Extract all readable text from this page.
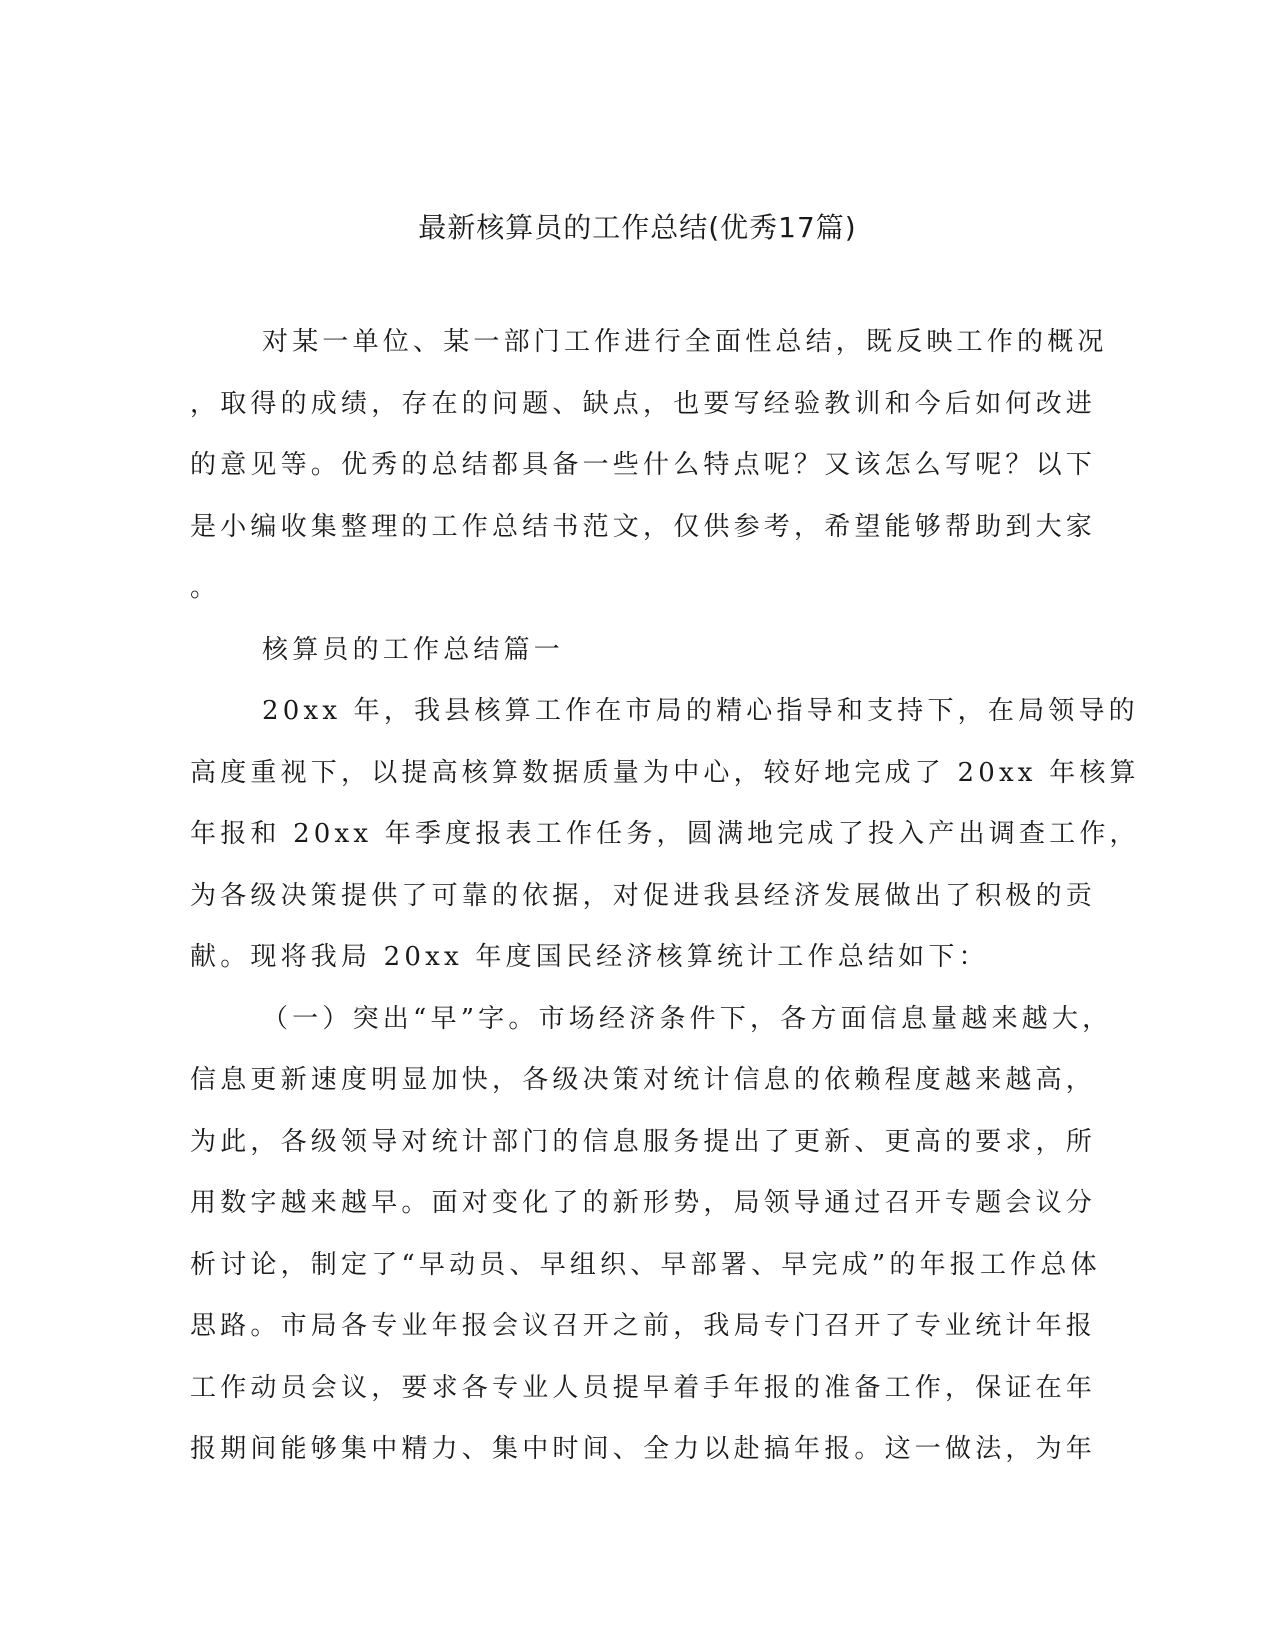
最新核算员的工作总结(优秀17篇)
对某一单位、某一部门工作进行全面性总结，既反映工作的概况
，取得的成绩，存在的问题、缺点，也要写经验教训和今后如何改进
的意见等。优秀的总结都具备一些什么特点呢？又该怎么写呢？以下
是小编收集整理的工作总结书范文，仅供参考，希望能够帮助到大家
。
核算员的工作总结篇一
20xx 年，我县核算工作在市局的精心指导和支持下，在局领导的
高度重视下，以提高核算数据质量为中心，较好地完成了 20xx 年核算
年报和 20xx 年季度报表工作任务，圆满地完成了投入产出调查工作，
为各级决策提供了可靠的依据，对促进我县经济发展做出了积极的贡
献。现将我局 20xx 年度国民经济核算统计工作总结如下：
（一）突出“早”字。市场经济条件下，各方面信息量越来越大，
信息更新速度明显加快，各级决策对统计信息的依赖程度越来越高，
为此，各级领导对统计部门的信息服务提出了更新、更高的要求，所
用数字越来越早。面对变化了的新形势，局领导通过召开专题会议分
析讨论，制定了“早动员、早组织、早部署、早完成”的年报工作总体
思路。市局各专业年报会议召开之前，我局专门召开了专业统计年报
工作动员会议，要求各专业人员提早着手年报的准备工作，保证在年
报期间能够集中精力、集中时间、全力以赴搞年报。这一做法，为年
